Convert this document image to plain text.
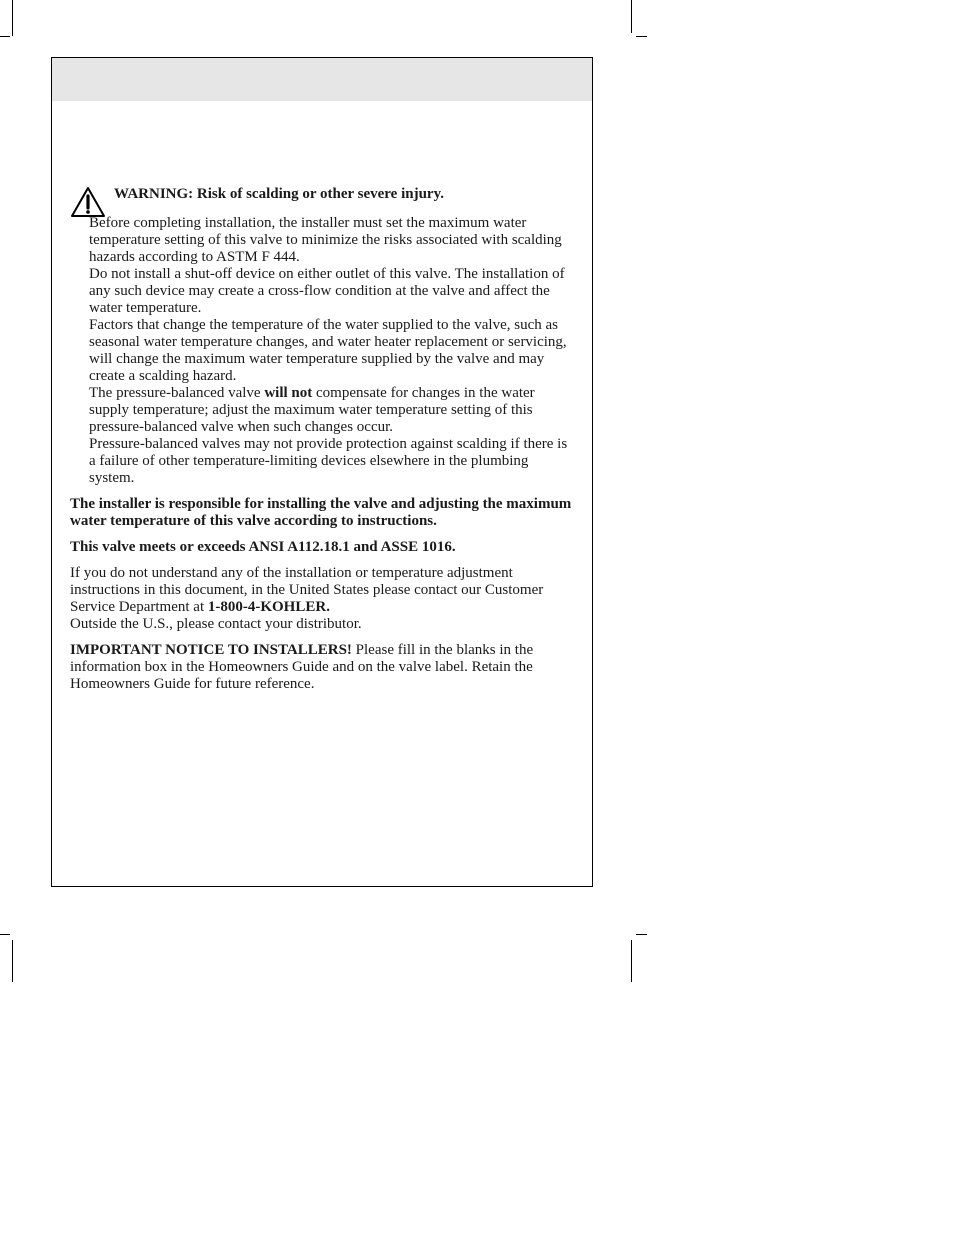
WARNING: Risk of scalding or other severe injury.

Before completing installation, the installer must set the maximum water temperature setting of this valve to minimize the risks associated with scalding hazards according to ASTM F 444.

Do not install a shut-off device on either outlet of this valve. The installation of any such device may create a cross-flow condition at the valve and affect the water temperature.

Factors that change the temperature of the water supplied to the valve, such as seasonal water temperature changes, and water heater replacement or servicing, will change the maximum water temperature supplied by the valve and may create a scalding hazard.

The pressure-balanced valve will not compensate for changes in the water supply temperature; adjust the maximum water temperature setting of this pressure-balanced valve when such changes occur.

Pressure-balanced valves may not provide protection against scalding if there is a failure of other temperature-limiting devices elsewhere in the plumbing system.

The installer is responsible for installing the valve and adjusting the maximum water temperature of this valve according to instructions.

This valve meets or exceeds ANSI A112.18.1 and ASSE 1016.

If you do not understand any of the installation or temperature adjustment instructions in this document, in the United States please contact our Customer Service Department at 1-800-4-KOHLER.
Outside the U.S., please contact your distributor.

IMPORTANT NOTICE TO INSTALLERS! Please fill in the blanks in the information box in the Homeowners Guide and on the valve label. Retain the Homeowners Guide for future reference.
